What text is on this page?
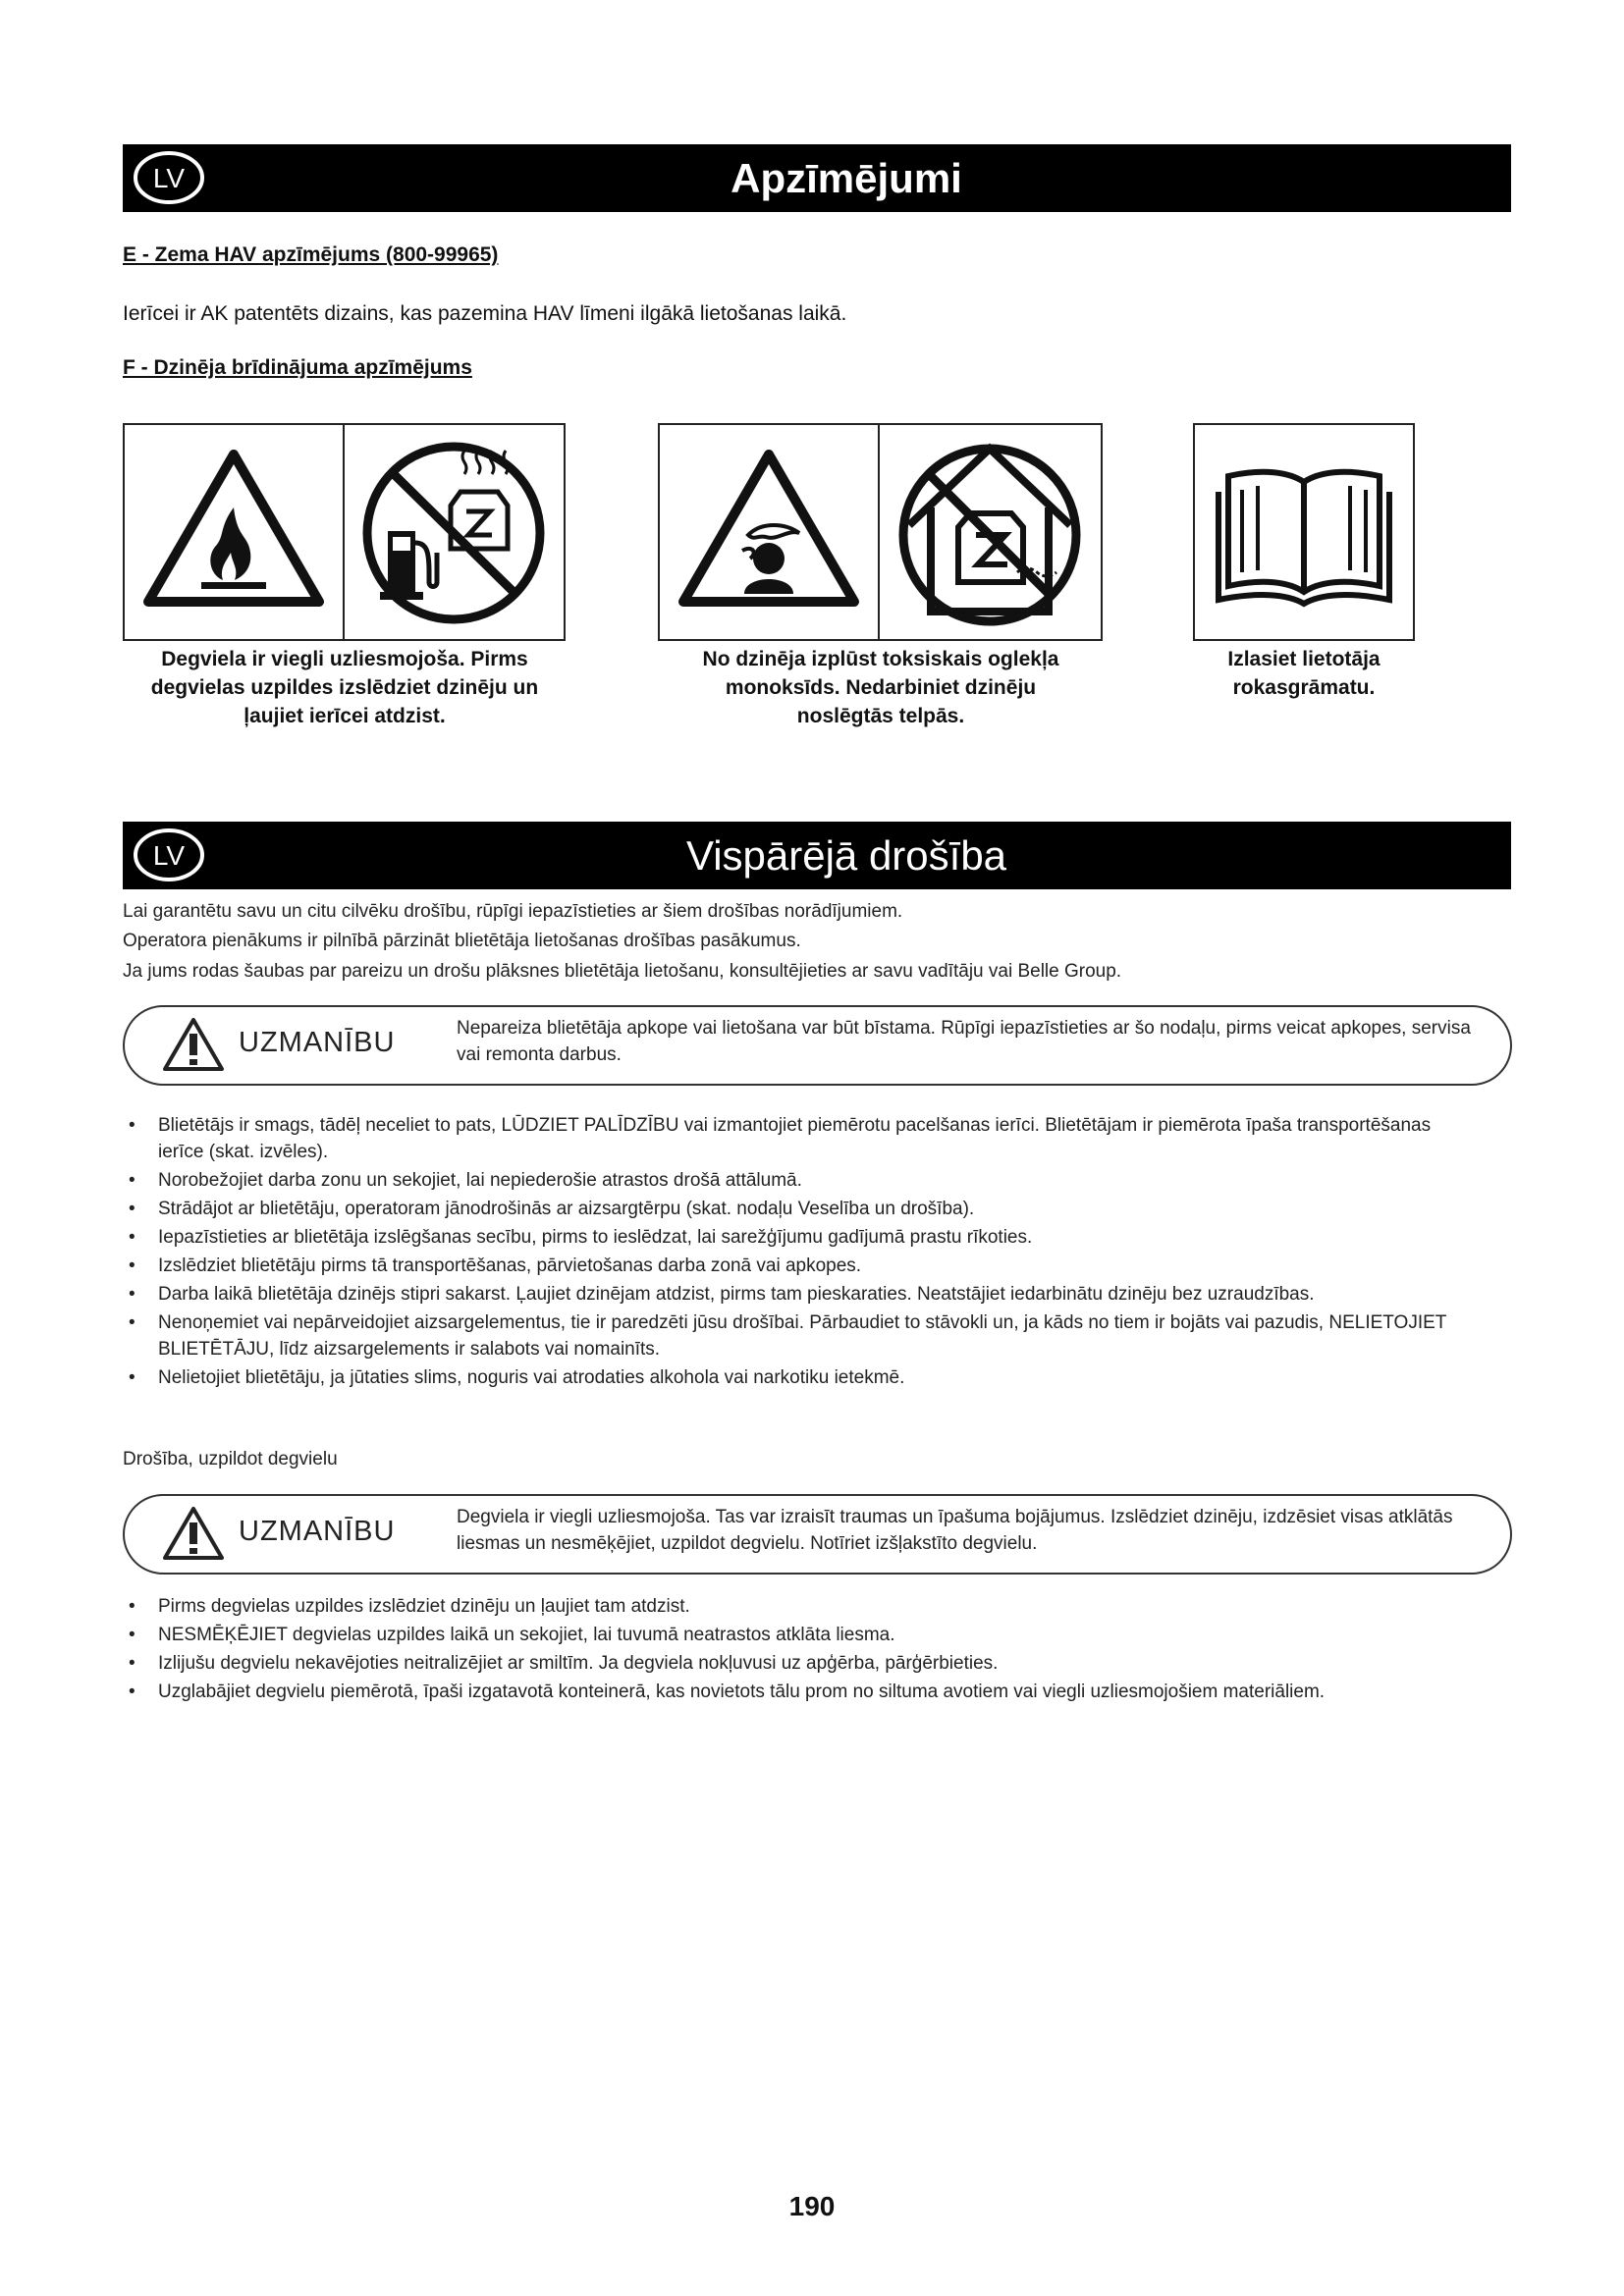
LV	Apzīmējumi
E - Zema HAV apzīmējums (800-99965)
Ierīcei ir AK patentēts dizains, kas pazemina HAV līmeni ilgākā lietošanas laikā.
F - Dzinēja brīdinājuma apzīmējums
Degviela ir viegli uzliesmojoša. Pirms
degvielas uzpildes izslēdziet dzinēju un
ļaujiet ierīcei atdzist.
No dzinēja izplūst toksiskais oglekļa
monoksīds. Nedarbiniet dzinēju
noslēgtās telpās.
Izlasiet lietotāja
rokasgrāmatu.
LV	Vispārējā drošība
Lai garantētu savu un citu cilvēku drošību, rūpīgi iepazīstieties ar šiem drošības norādījumiem.
Operatora pienākums ir pilnībā pārzināt blietētāja lietošanas drošības pasākumus.
Ja jums rodas šaubas par pareizu un drošu plāksnes blietētāja lietošanu, konsultējieties ar savu vadītāju vai Belle Group.
UZMANĪBU	Nepareiza blietētāja apkope vai lietošana var būt bīstama. Rūpīgi iepazīstieties ar šo nodaļu, pirms veicat apkopes, servisa vai remonta darbus.
• Blietētājs ir smags, tādēļ neceliet to pats, LŪDZIET PALĪDZĪBU vai izmantojiet piemērotu pacelšanas ierīci. Blietētājam ir piemērota īpaša transportēšanas ierīce (skat. izvēles).
• Norobežojiet darba zonu un sekojiet, lai nepiederošie atrastos drošā attālumā.
• Strādājot ar blietētāju, operatoram jānodrošinās ar aizsargtērpu (skat. nodaļu Veselība un drošība).
• Iepazīstieties ar blietētāja izslēgšanas secību, pirms to ieslēdzat, lai sarežģījumu gadījumā prastu rīkoties.
• Izslēdziet blietētāju pirms tā transportēšanas, pārvietošanas darba zonā vai apkopes.
• Darba laikā blietētāja dzinējs stipri sakarst. Ļaujiet dzinējam atdzist, pirms tam pieskaraties. Neatstājiet iedarbinātu dzinēju bez uzraudzības.
• Nenoņemiet vai nepārveidojiet aizsargelementus, tie ir paredzēti jūsu drošībai. Pārbaudiet to stāvokli un, ja kāds no tiem ir bojāts vai pazudis, NELIETOJIET BLIETĒTĀJU, līdz aizsargelements ir salabots vai nomainīts.
• Nelietojiet blietētāju, ja jūtaties slims, noguris vai atrodaties alkohola vai narkotiku ietekmē.
Drošība, uzpildot degvielu
UZMANĪBU	Degviela ir viegli uzliesmojoša. Tas var izraisīt traumas un īpašuma bojājumus. Izslēdziet dzinēju, izdzēsiet visas atklātās liesmas un nesmēķējiet, uzpildot degvielu. Notīriet izšļakstīto degvielu.
• Pirms degvielas uzpildes izslēdziet dzinēju un ļaujiet tam atdzist.
• NESMĒĶĒJIET degvielas uzpildes laikā un sekojiet, lai tuvumā neatrastos atklāta liesma.
• Izlijušu degvielu nekavējoties neitralizējiet ar smiltīm. Ja degviela nokļuvusi uz apģērba, pārģērbieties.
• Uzglabājiet degvielu piemērotā, īpaši izgatavotā konteinerā, kas novietots tālu prom no siltuma avotiem vai viegli uzliesmojošiem materiāliem.
190
